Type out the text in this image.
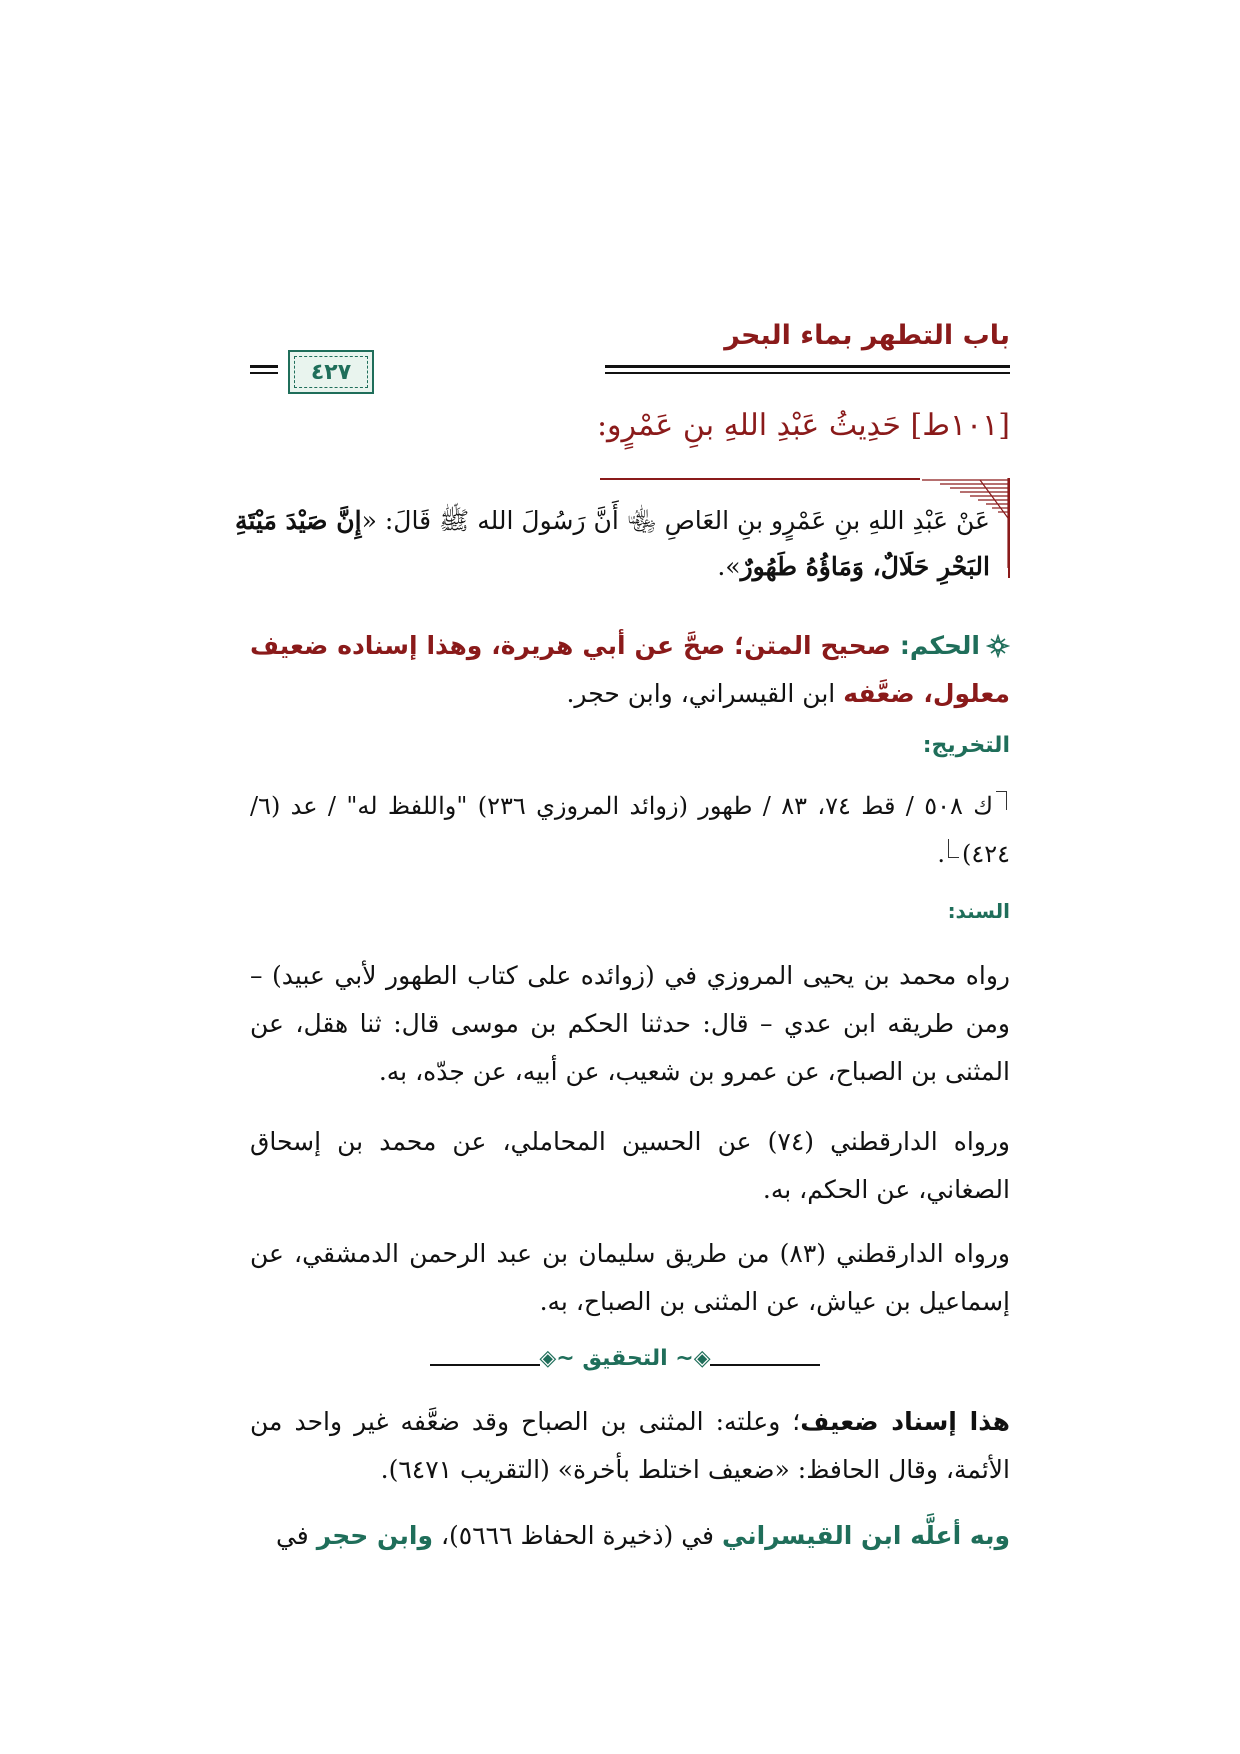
باب التطهر بماء البحر
٤٢٧
[١٠١ط] حَدِيثُ عَبْدِ اللهِ بنِ عَمْرٍو:
عَنْ عَبْدِ اللهِ بنِ عَمْرٍو بنِ العَاصِ ﵄ أَنَّ رَسُولَ الله ﷺ قَالَ: «إِنَّ صَيْدَ مَيْتَةِ البَحْرِ حَلَالٌ، وَمَاؤُهُ طَهُورٌ».
الحكم: صحيح المتن؛ صحَّ عن أبي هريرة، وهذا إسناده ضعيف معلول، ضعَّفه ابن القيسراني، وابن حجر.
التخريج:
ك ٥٠٨ / قط ٧٤، ٨٣ / طهور (زوائد المروزي ٢٣٦) "واللفظ له" / عد (٦/ ٤٢٤).
السند:
رواه محمد بن يحيى المروزي في (زوائده على كتاب الطهور لأبي عبيد) – ومن طريقه ابن عدي – قال: حدثنا الحكم بن موسى قال: ثنا هقل، عن المثنى بن الصباح، عن عمرو بن شعيب، عن أبيه، عن جدّه، به.
ورواه الدارقطني (٧٤) عن الحسين المحاملي، عن محمد بن إسحاق الصغاني، عن الحكم، به.
ورواه الدارقطني (٨٣) من طريق سليمان بن عبد الرحمن الدمشقي، عن إسماعيل بن عياش، عن المثنى بن الصباح، به.
◈~ التحقيق ~◈
هذا إسناد ضعيف؛ وعلته: المثنى بن الصباح وقد ضعَّفه غير واحد من الأئمة، وقال الحافظ: «ضعيف اختلط بأخرة» (التقريب ٦٤٧١).
وبه أعلَّه ابن القيسراني في (ذخيرة الحفاظ ٥٦٦٦)، وابن حجر في
